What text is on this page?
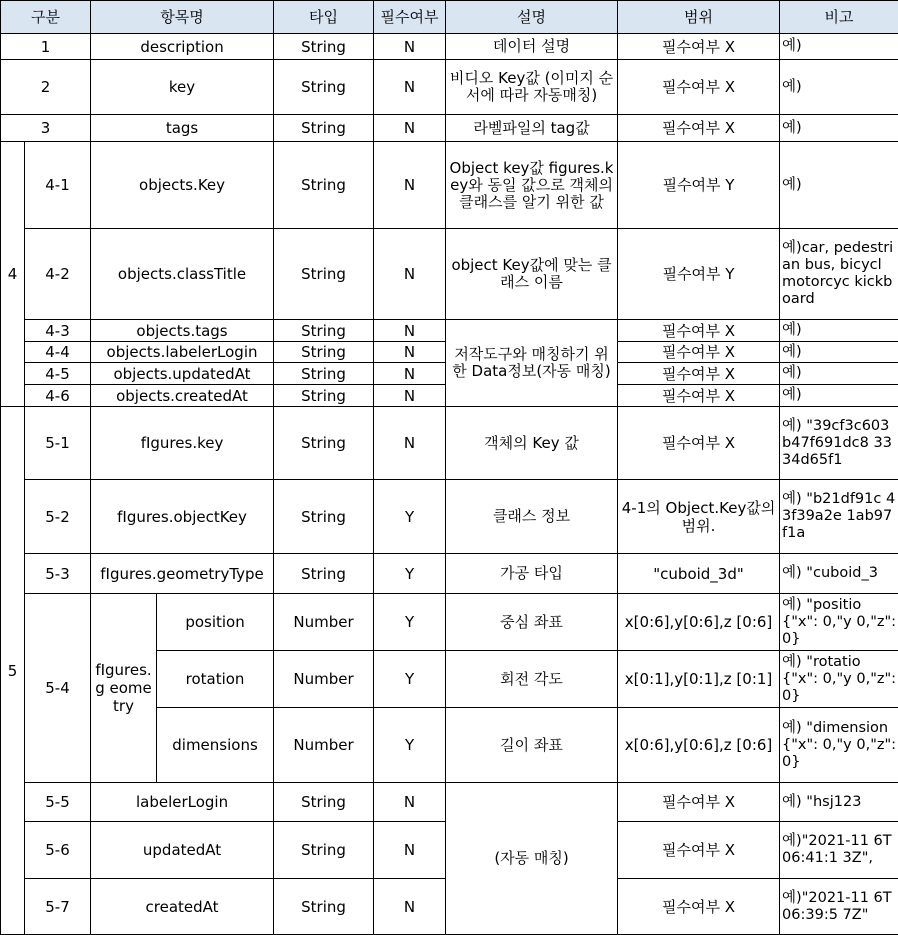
구분		항목명		타입	필수여부	설명	범위	비고
1		description		String	N	데이터 설명	필수여부 X	예)
2		key		String	N	비디오 Key값 (이미지 순서에 따라 자동매칭)	필수여부 X	예)
3		tags		String	N	라벨파일의 tag값	필수여부 X	예)
4	4-1	objects.Key		String	N	Object key값 figures.key와 동일 값으로 객체의 클래스를 알기 위한 값	필수여부 Y	예)
	4-2	objects.classTitle		String	N	object Key값에 맞는 클래스 이름	필수여부 Y	예)car, pedestrian bus, bicycl motorcyc kickboard
	4-3	objects.tags		String	N	저작도구와 매칭하기 위한 Data정보(자동 매칭)	필수여부 X	예)
	4-4	objects.labelerLogin		String	N		필수여부 X	예)
	4-5	objects.updatedAt		String	N		필수여부 X	예)
	4-6	objects.createdAt		String	N		필수여부 X	예)
5	5-1	fIgures.key		String	N	객체의 Key 값	필수여부 X	예) "39cf3c603 b47f691dc8 3334d65f1
	5-2	fIgures.objectKey		String	Y	클래스 정보	4-1의 Object.Key값의 범위.	예) "b21df91c 43f39a2e 1ab97f1a
	5-3	fIgures.geometryType		String	Y	가공 타입	"cuboid_3d"	예) "cuboid_3
	5-4	fIgures.g eometry	position	Number	Y	중심 좌표	x[0:6],y[0:6],z [0:6]	예) "positio {"x": 0,"y 0,"z": 0}
			rotation	Number	Y	회전 각도	x[0:1],y[0:1],z [0:1]	예) "rotatio {"x": 0,"y 0,"z": 0}
			dimensions	Number	Y	길이 좌표	x[0:6],y[0:6],z [0:6]	예) "dimension {"x": 0,"y 0,"z": 0}
	5-5	labelerLogin		String	N	(자동 매칭)	필수여부 X	예) "hsj123
	5-6	updatedAt		String	N		필수여부 X	예)"2021-11 6T06:41:1 3Z",
	5-7	createdAt		String	N		필수여부 X	예)"2021-11 6T06:39:5 7Z"
